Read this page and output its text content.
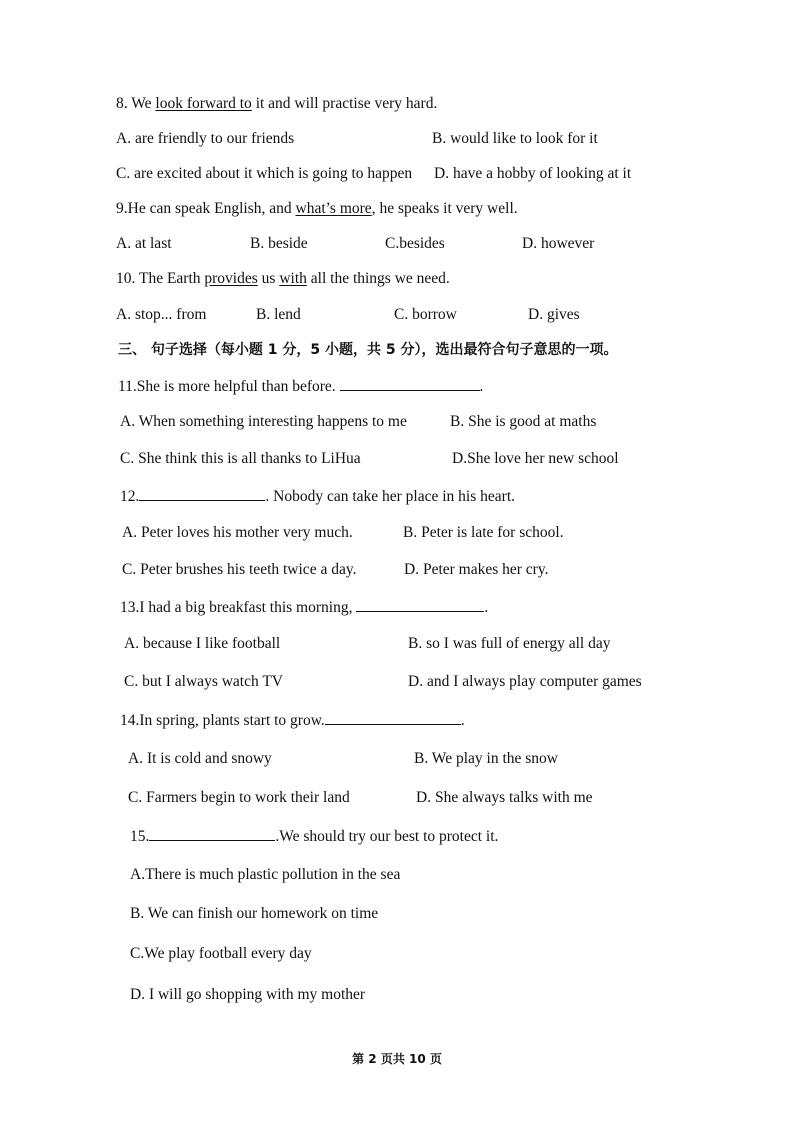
8. We look forward to it and will practise very hard.
A. are friendly to our friends	B. would like to look for it
C. are excited about it which is going to happen D. have a hobby of looking at it
9.He can speak English, and what’s more, he speaks it very well.
A. at last	B. beside	C.besides	D. however
10. The Earth provides us with all the things we need.
A. stop... from	B. lend	C. borrow	D. gives
三、 句子选择（每小题 1 分，5 小题，共 5 分），选出最符合句子意思的一项。
11.She is more helpful than before.	.
A. When something interesting happens to me	B. She is good at maths
C. She think this is all thanks to LiHua	D.She love her new school
12.	. Nobody can take her place in his heart.
A. Peter loves his mother very much.	B. Peter is late for school.
C. Peter brushes his teeth twice a day.	D. Peter makes her cry.
13.I had a big breakfast this morning,	.
A. because I like football	B. so I was full of energy all day
C. but I always watch TV	D. and I always play computer games
14.In spring, plants start to grow.	.
A. It is cold and snowy	B. We play in the snow
C. Farmers begin to work their land	D. She always talks with me
15.	.We should try our best to protect it.
A.There is much plastic pollution in the sea
B. We can finish our homework on time
C.We play football every day
D. I will go shopping with my mother
第 2 页共 10 页
